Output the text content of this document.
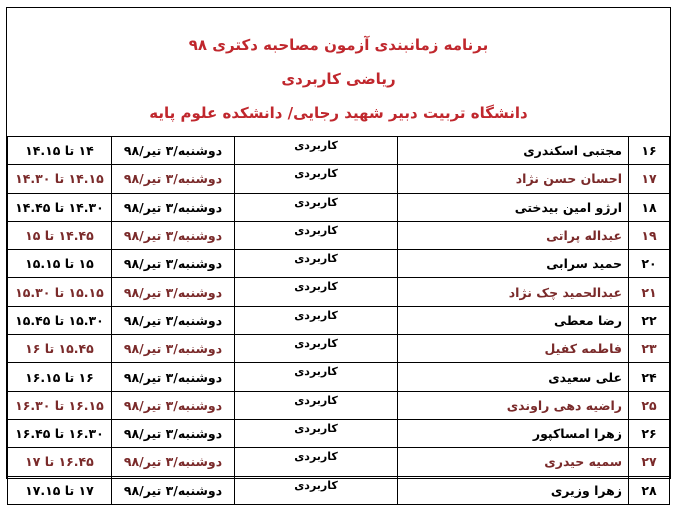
برنامه زمانبندی آزمون مصاحبه دکتری ۹۸
ریاضی کاربردی
دانشگاه تربیت دبیر شهید رجایی/ دانشکده علوم پایه
۱۶	مجتبی اسکندری	کاربردی	دوشنبه/۳ تیر/۹۸	۱۴ تا ۱۴.۱۵
۱۷	احسان حسن نژاد	کاربردی	دوشنبه/۳ تیر/۹۸	۱۴.۱۵ تا ۱۴.۳۰
۱۸	ارژو امین بیدختی	کاربردی	دوشنبه/۳ تیر/۹۸	۱۴.۳۰ تا ۱۴.۴۵
۱۹	عبداله پراتی	کاربردی	دوشنبه/۳ تیر/۹۸	۱۴.۴۵ تا ۱۵
۲۰	حمید سرابی	کاربردی	دوشنبه/۳ تیر/۹۸	۱۵ تا ۱۵.۱۵
۲۱	عبدالحمید چک نژاد	کاربردی	دوشنبه/۳ تیر/۹۸	۱۵.۱۵ تا ۱۵.۳۰
۲۲	رضا معطی	کاربردی	دوشنبه/۳ تیر/۹۸	۱۵.۳۰ تا ۱۵.۴۵
۲۳	فاطمه کفیل	کاربردی	دوشنبه/۳ تیر/۹۸	۱۵.۴۵ تا ۱۶
۲۴	علی سعیدی	کاربردی	دوشنبه/۳ تیر/۹۸	۱۶ تا ۱۶.۱۵
۲۵	راضیه دهی راوندی	کاربردی	دوشنبه/۳ تیر/۹۸	۱۶.۱۵ تا ۱۶.۳۰
۲۶	زهرا امساکپور	کاربردی	دوشنبه/۳ تیر/۹۸	۱۶.۳۰ تا ۱۶.۴۵
۲۷	سمیه حیدری	کاربردی	دوشنبه/۳ تیر/۹۸	۱۶.۴۵ تا ۱۷
۲۸	زهرا وزیری	کاربردی	دوشنبه/۳ تیر/۹۸	۱۷ تا ۱۷.۱۵
